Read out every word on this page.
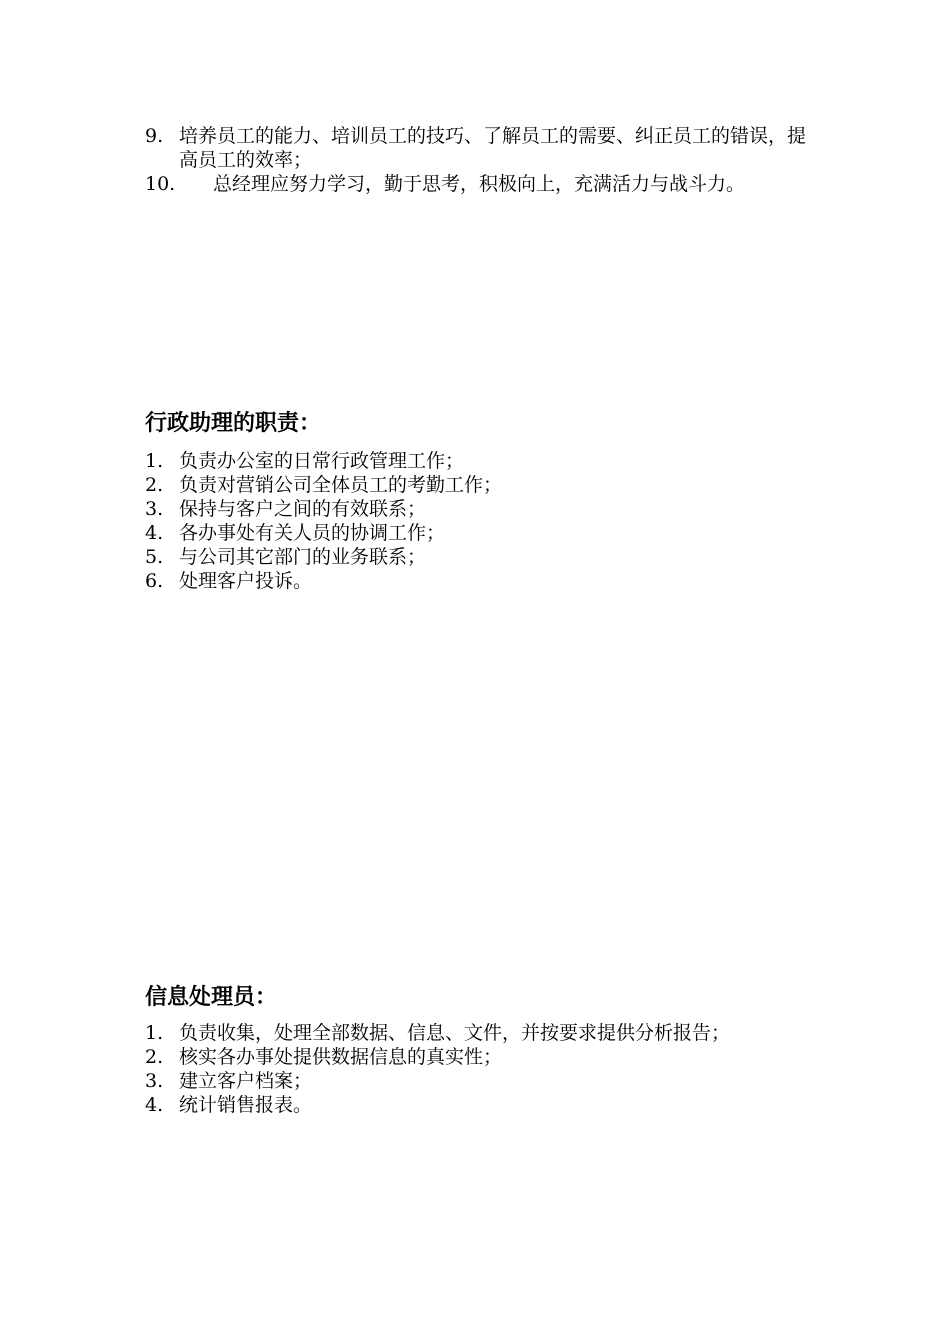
9. 培养员工的能力、培训员工的技巧、了解员工的需要、纠正员工的错误，提高员工的效率；
10.	总经理应努力学习，勤于思考，积极向上，充满活力与战斗力。
行政助理的职责：
1. 负责办公室的日常行政管理工作；
2. 负责对营销公司全体员工的考勤工作；
3. 保持与客户之间的有效联系；
4. 各办事处有关人员的协调工作；
5. 与公司其它部门的业务联系；
6. 处理客户投诉。
信息处理员：
1. 负责收集，处理全部数据、信息、文件，并按要求提供分析报告；
2. 核实各办事处提供数据信息的真实性；
3. 建立客户档案；
4. 统计销售报表。
